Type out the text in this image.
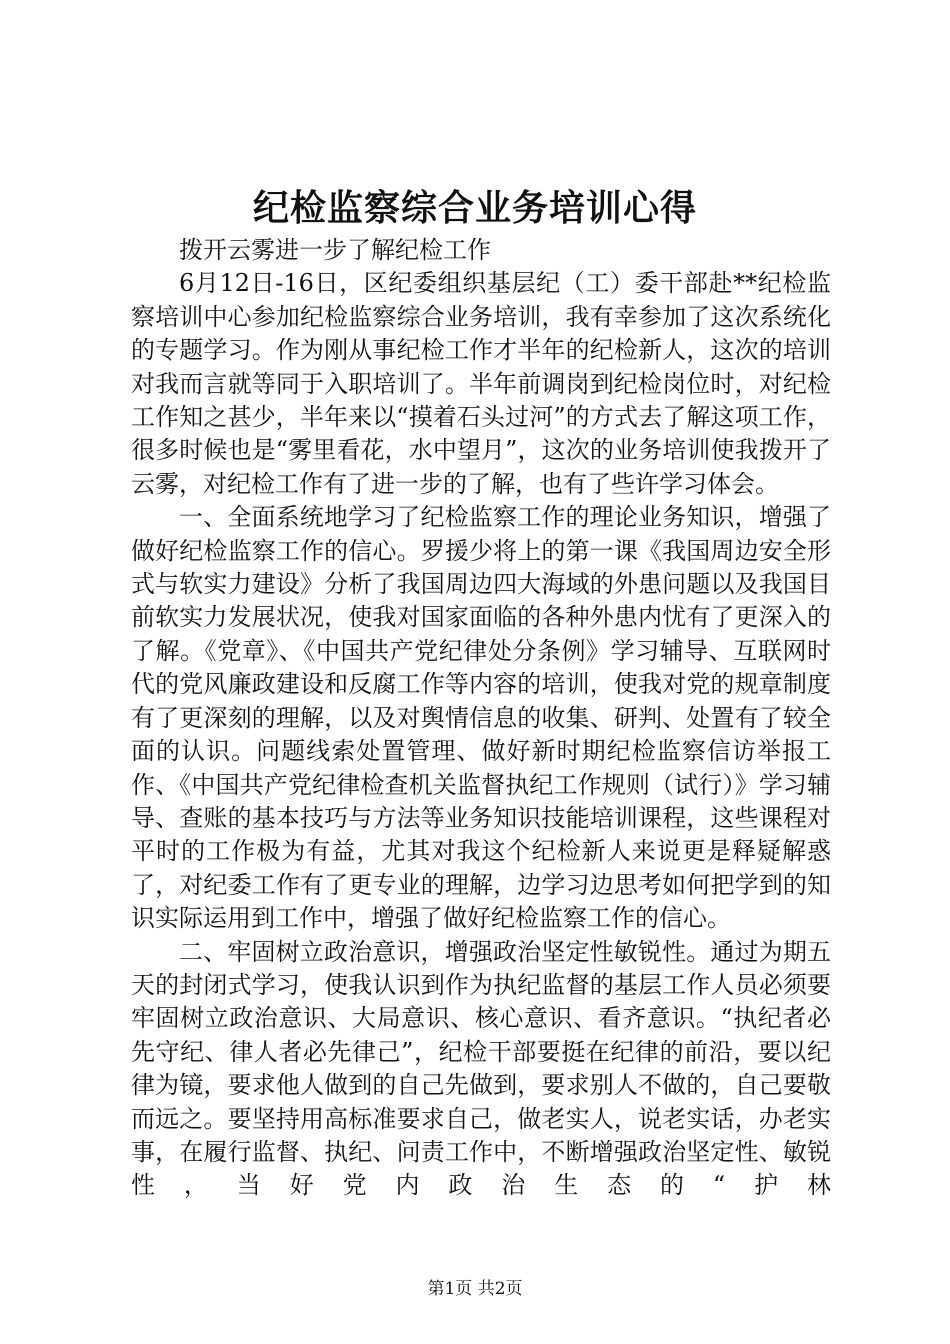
纪检监察综合业务培训心得

拨开云雾进一步了解纪检工作

6月12日-16日，区纪委组织基层纪（工）委干部赴**纪检监察培训中心参加纪检监察综合业务培训，我有幸参加了这次系统化的专题学习。作为刚从事纪检工作才半年的纪检新人，这次的培训对我而言就等同于入职培训了。半年前调岗到纪检岗位时，对纪检工作知之甚少，半年来以“摸着石头过河”的方式去了解这项工作，很多时候也是“雾里看花，水中望月”，这次的业务培训使我拨开了云雾，对纪检工作有了进一步的了解，也有了些许学习体会。

一、全面系统地学习了纪检监察工作的理论业务知识，增强了做好纪检监察工作的信心。罗援少将上的第一课《我国周边安全形式与软实力建设》分析了我国周边四大海域的外患问题以及我国目前软实力发展状况，使我对国家面临的各种外患内忧有了更深入的了解。《党章》、《中国共产党纪律处分条例》学习辅导、互联网时代的党风廉政建设和反腐工作等内容的培训，使我对党的规章制度有了更深刻的理解，以及对舆情信息的收集、研判、处置有了较全面的认识。问题线索处置管理、做好新时期纪检监察信访举报工作、《中国共产党纪律检查机关监督执纪工作规则（试行）》学习辅导、查账的基本技巧与方法等业务知识技能培训课程，这些课程对平时的工作极为有益，尤其对我这个纪检新人来说更是释疑解惑了，对纪委工作有了更专业的理解，边学习边思考如何把学到的知识实际运用到工作中，增强了做好纪检监察工作的信心。

二、牢固树立政治意识，增强政治坚定性敏锐性。通过为期五天的封闭式学习，使我认识到作为执纪监督的基层工作人员必须要牢固树立政治意识、大局意识、核心意识、看齐意识。“执纪者必先守纪、律人者必先律己”，纪检干部要挺在纪律的前沿，要以纪律为镜，要求他人做到的自己先做到，要求别人不做的，自己要敬而远之。要坚持用高标准要求自己，做老实人，说老实话，办老实事，在履行监督、执纪、问责工作中，不断增强政治坚定性、敏锐性，当好党内政治生态的“护林

第1页 共2页
